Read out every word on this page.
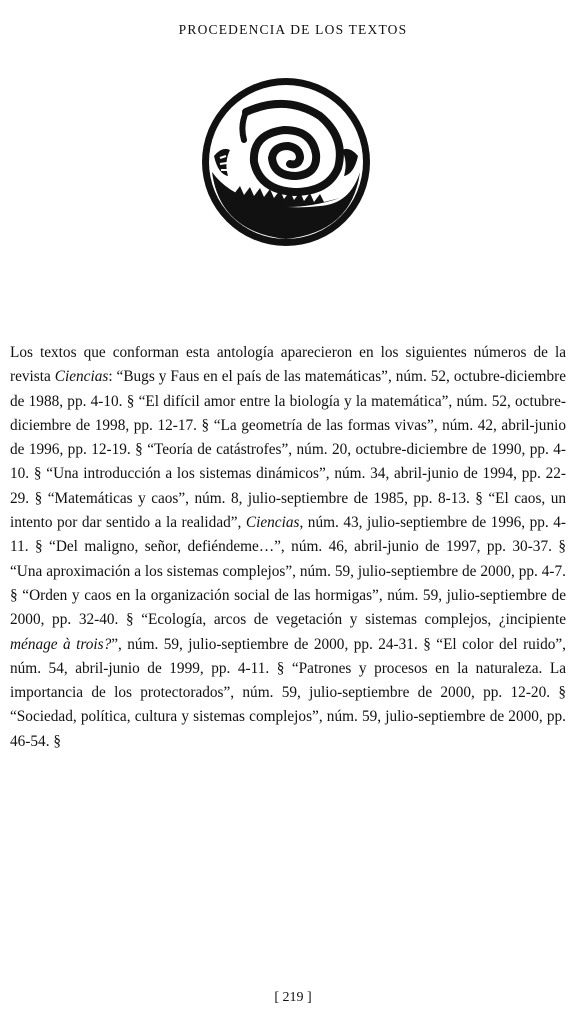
PROCEDENCIA DE LOS TEXTOS

Los textos que conforman esta antología aparecieron en los siguientes números de la revista Ciencias: “Bugs y Faus en el país de las matemáticas”, núm. 52, octubre-diciembre de 1988, pp. 4-10. § “El difícil amor entre la biología y la matemática”, núm. 52, octubre-diciembre de 1998, pp. 12-17. § “La geometría de las formas vivas”, núm. 42, abril-junio de 1996, pp. 12-19. § “Teoría de catástrofes”, núm. 20, octubre-diciembre de 1990, pp. 4-10. § “Una introducción a los sistemas dinámicos”, núm. 34, abril-junio de 1994, pp. 22-29. § “Matemáticas y caos”, núm. 8, julio-septiembre de 1985, pp. 8-13. § “El caos, un intento por dar sentido a la realidad”, Ciencias, núm. 43, julio-septiembre de 1996, pp. 4-11. § “Del maligno, señor, defiéndeme…”, núm. 46, abril-junio de 1997, pp. 30-37. § “Una aproximación a los sistemas complejos”, núm. 59, julio-septiembre de 2000, pp. 4-7. § “Orden y caos en la organización social de las hormigas”, núm. 59, julio-septiembre de 2000, pp. 32-40. § “Ecología, arcos de vegetación y sistemas complejos, ¿incipiente ménage à trois?”, núm. 59, julio-septiembre de 2000, pp. 24-31. § “El color del ruido”, núm. 54, abril-junio de 1999, pp. 4-11. § “Patrones y procesos en la naturaleza. La importancia de los protectorados”, núm. 59, julio-septiembre de 2000, pp. 12-20. § “Sociedad, política, cultura y sistemas complejos”, núm. 59, julio-septiembre de 2000, pp. 46-54. §

[ 219 ]
